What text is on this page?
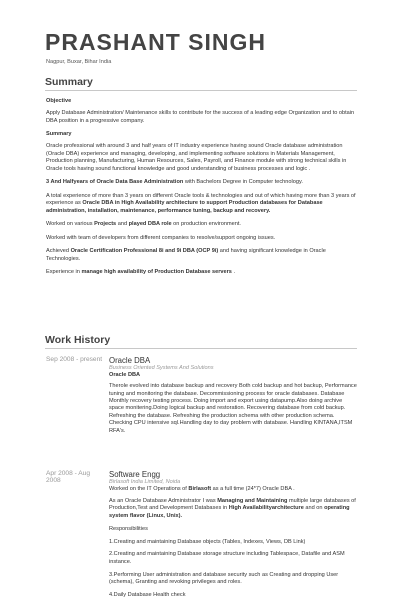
PRASHANT SINGH
Nagpur, Buxar, Bihar India
Summary

Objective

Apply Database Administration/ Maintenance skills to contribute for the success of a leading edge Organization and to obtain DBA position in a progressive company.

Summary

Oracle professional with around 3 and half years of IT industry experience having sound Oracle database administration (Oracle DBA) experience and managing, developing, and implementing software solutions in Materials Management, Production planning, Manufacturing, Human Resources, Sales, Payroll, and Finance module with strong technical skills in Oracle tools having sound functional knowledge and good understanding of business processes and logic .

3 And Halfyears of Oracle Data Base Administration with Bachelors Degree in Computer technology.

A total experience of more than 3 years on different Oracle tools & technologies and out of which having more than 3 years of experience as Oracle DBA in High Availability architecture to support Production databases for Database administration, installation, maintenance, performance tuning, backup and recovery.

Worked on various Projects and played DBA role on production environment.

Worked with team of developers from different companies to resolve/support ongoing issues.

Achieved Oracle Certification Professional 8i and 9i DBA (OCP 9i) and having significant knowledge in Oracle Technologies.

Experience in manage high availability of Production Database servers .

Work History
Sep 2008 - present Oracle DBA
Business Oriented Systems And Solutions
Oracle DBA

Therole evolved into database backup and recovery Both cold backup and hot backup, Performance tuning and monitoring the database. Decommissioning process for oracle databases. Database Monthly recovery testing process. Doing import and export using datapump.Also doing archive space monitering.Doing logical backup and restoration. Recovering database from cold backup. Refreshing the database. Refreshing the production schema with other production schema. Checking CPU intensive sql.Handling day to day problem with database. Handling KINTANA,ITSM RFA's.

Apr 2008 - Aug 2008
Software Engg
Birlasoft India Limited, Noida

Worked on the IT Operations of Birlasoft as a full time (24*7) Oracle DBA .

As an Oracle Database Administrator I was Managing and Maintaining multiple large databases of Production,Test and Development Databases in High Availabilityarchitecture and on operating system flavor (Linux, Unix).

Responsibilities

1.Creating and maintaining Database objects (Tables, Indexes, Views, DB Link)

2.Creating and maintaining Database storage structure including Tablespace, Datafile and ASM instance.

3.Performing User administration and database security such as Creating and dropping User (schema), Granting and revoking privileges and roles.

4.Daily Database Health check
